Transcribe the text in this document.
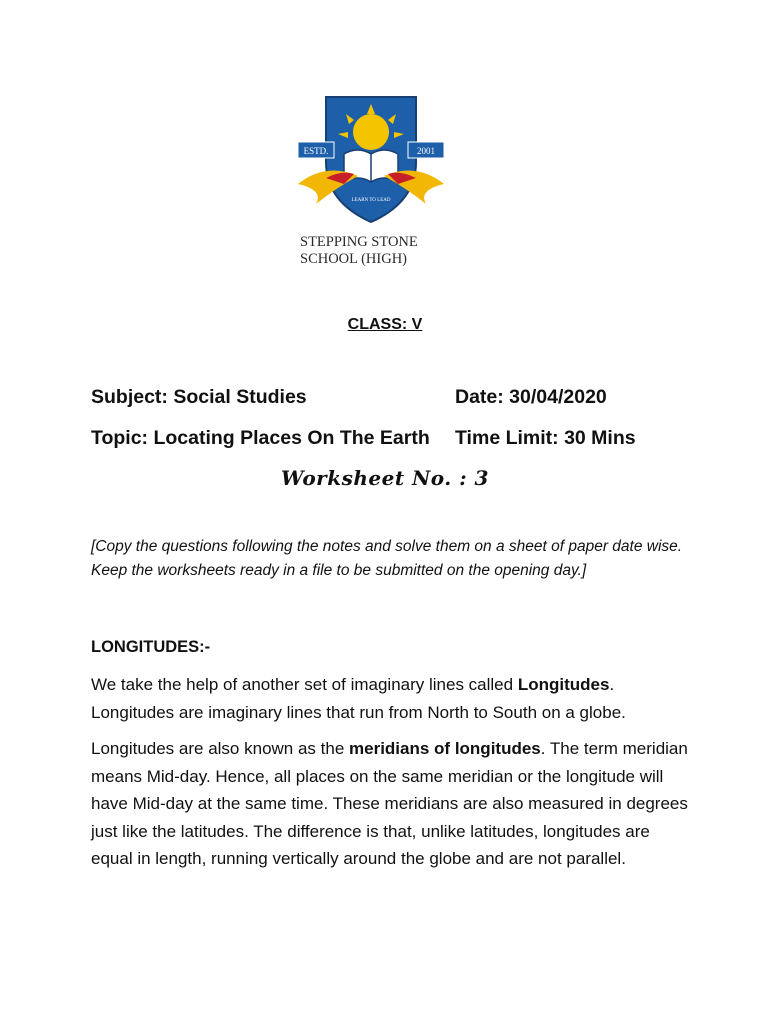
ESTD.	2001
LEARN TO LEAD
STEPPING STONE
SCHOOL (HIGH)
CLASS: V
Subject: Social Studies	Date: 30/04/2020
Topic: Locating Places On The Earth Time Limit: 30 Mins
Worksheet No. : 3
[Copy the questions following the notes and solve them on a sheet of paper date wise. Keep the worksheets ready in a file to be submitted on the opening day.]
LONGITUDES:-
We take the help of another set of imaginary lines called Longitudes. Longitudes are imaginary lines that run from North to South on a globe.
Longitudes are also known as the meridians of longitudes. The term meridian means Mid-day. Hence, all places on the same meridian or the longitude will have Mid-day at the same time. These meridians are also measured in degrees just like the latitudes. The difference is that, unlike latitudes, longitudes are equal in length, running vertically around the globe and are not parallel.
